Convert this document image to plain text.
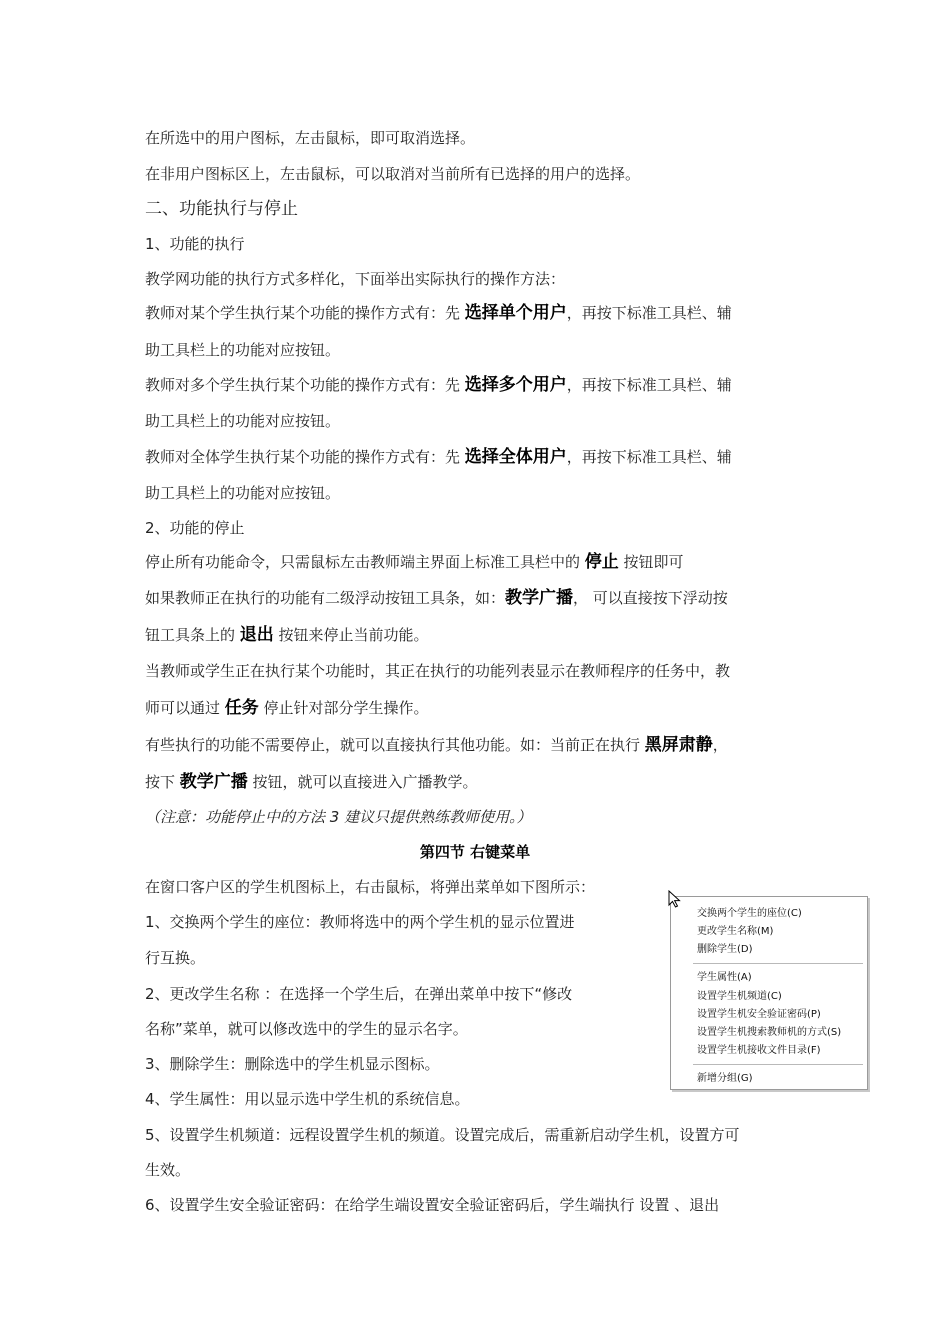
在所选中的用户图标，左击鼠标，即可取消选择。
在非用户图标区上，左击鼠标，可以取消对当前所有已选择的用户的选择。
二、功能执行与停止
1、功能的执行
教学网功能的执行方式多样化，下面举出实际执行的操作方法：
教师对某个学生执行某个功能的操作方式有：先 选择单个用户，再按下标准工具栏、辅
助工具栏上的功能对应按钮。
教师对多个学生执行某个功能的操作方式有：先 选择多个用户，再按下标准工具栏、辅
助工具栏上的功能对应按钮。
教师对全体学生执行某个功能的操作方式有：先 选择全体用户，再按下标准工具栏、辅
助工具栏上的功能对应按钮。
2、功能的停止
停止所有功能命令，只需鼠标左击教师端主界面上标准工具栏中的 停止 按钮即可
如果教师正在执行的功能有二级浮动按钮工具条，如：教学广播， 可以直接按下浮动按
钮工具条上的 退出 按钮来停止当前功能。
当教师或学生正在执行某个功能时，其正在执行的功能列表显示在教师程序的任务中，教
师可以通过 任务 停止针对部分学生操作。
有些执行的功能不需要停止，就可以直接执行其他功能。如：当前正在执行 黑屏肃静，
按下 教学广播 按钮，就可以直接进入广播教学。
（注意：功能停止中的方法 3 建议只提供熟练教师使用。）
第四节 右键菜单
在窗口客户区的学生机图标上，右击鼠标，将弹出菜单如下图所示：
1、交换两个学生的座位：教师将选中的两个学生机的显示位置进
行互换。
2、更改学生名称 ：在选择一个学生后，在弹出菜单中按下“修改
名称”菜单，就可以修改选中的学生的显示名字。
3、删除学生：删除选中的学生机显示图标。
4、学生属性：用以显示选中学生机的系统信息。
5、设置学生机频道：远程设置学生机的频道。设置完成后，需重新启动学生机，设置方可
生效。
6、设置学生安全验证密码：在给学生端设置安全验证密码后，学生端执行 设置 、退出
交换两个学生的座位(C)
更改学生名称(M)
删除学生(D)
学生属性(A)
设置学生机频道(C)
设置学生机安全验证密码(P)
设置学生机搜索教师机的方式(S)
设置学生机接收文件目录(F)
新增分组(G)
